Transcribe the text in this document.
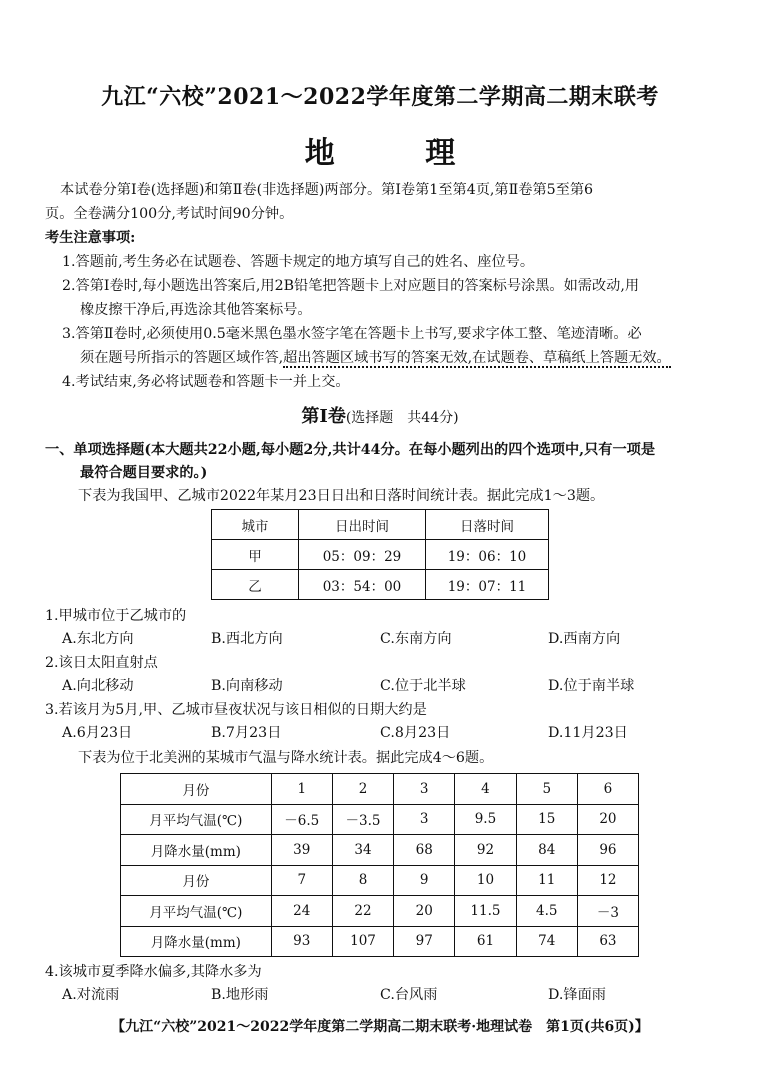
九江“六校”2021～2022学年度第二学期高二期末联考
地 理
本试卷分第Ⅰ卷(选择题)和第Ⅱ卷(非选择题)两部分。第Ⅰ卷第1至第4页,第Ⅱ卷第5至第6
页。全卷满分100分,考试时间90分钟。
考生注意事项:
1.答题前,考生务必在试题卷、答题卡规定的地方填写自己的姓名、座位号。
2.答第Ⅰ卷时,每小题选出答案后,用2B铅笔把答题卡上对应题目的答案标号涂黑。如需改动,用
橡皮擦干净后,再选涂其他答案标号。
3.答第Ⅱ卷时,必须使用0.5毫米黑色墨水签字笔在答题卡上书写,要求字体工整、笔迹清晰。必
须在题号所指示的答题区域作答,超出答题区域书写的答案无效,在试题卷、草稿纸上答题无效。
4.考试结束,务必将试题卷和答题卡一并上交。
第Ⅰ卷(选择题　共44分)
一、单项选择题(本大题共22小题,每小题2分,共计44分。在每小题列出的四个选项中,只有一项是
最符合题目要求的。)
下表为我国甲、乙城市2022年某月23日日出和日落时间统计表。据此完成1～3题。
城市	日出时间	日落时间
甲	05：09：29	19：06：10
乙	03：54：00	19：07：11
1.甲城市位于乙城市的
A.东北方向	B.西北方向	C.东南方向	D.西南方向
2.该日太阳直射点
A.向北移动	B.向南移动	C.位于北半球	D.位于南半球
3.若该月为5月,甲、乙城市昼夜状况与该日相似的日期大约是
A.6月23日	B.7月23日	C.8月23日	D.11月23日
下表为位于北美洲的某城市气温与降水统计表。据此完成4～6题。
月份	1	2	3	4	5	6
月平均气温(℃)	－6.5	－3.5	3	9.5	15	20
月降水量(mm)	39	34	68	92	84	96
月份	7	8	9	10	11	12
月平均气温(℃)	24	22	20	11.5	4.5	－3
月降水量(mm)	93	107	97	61	74	63
4.该城市夏季降水偏多,其降水多为
A.对流雨	B.地形雨	C.台风雨	D.锋面雨
【九江“六校”2021～2022学年度第二学期高二期末联考·地理试卷　第1页(共6页)】
